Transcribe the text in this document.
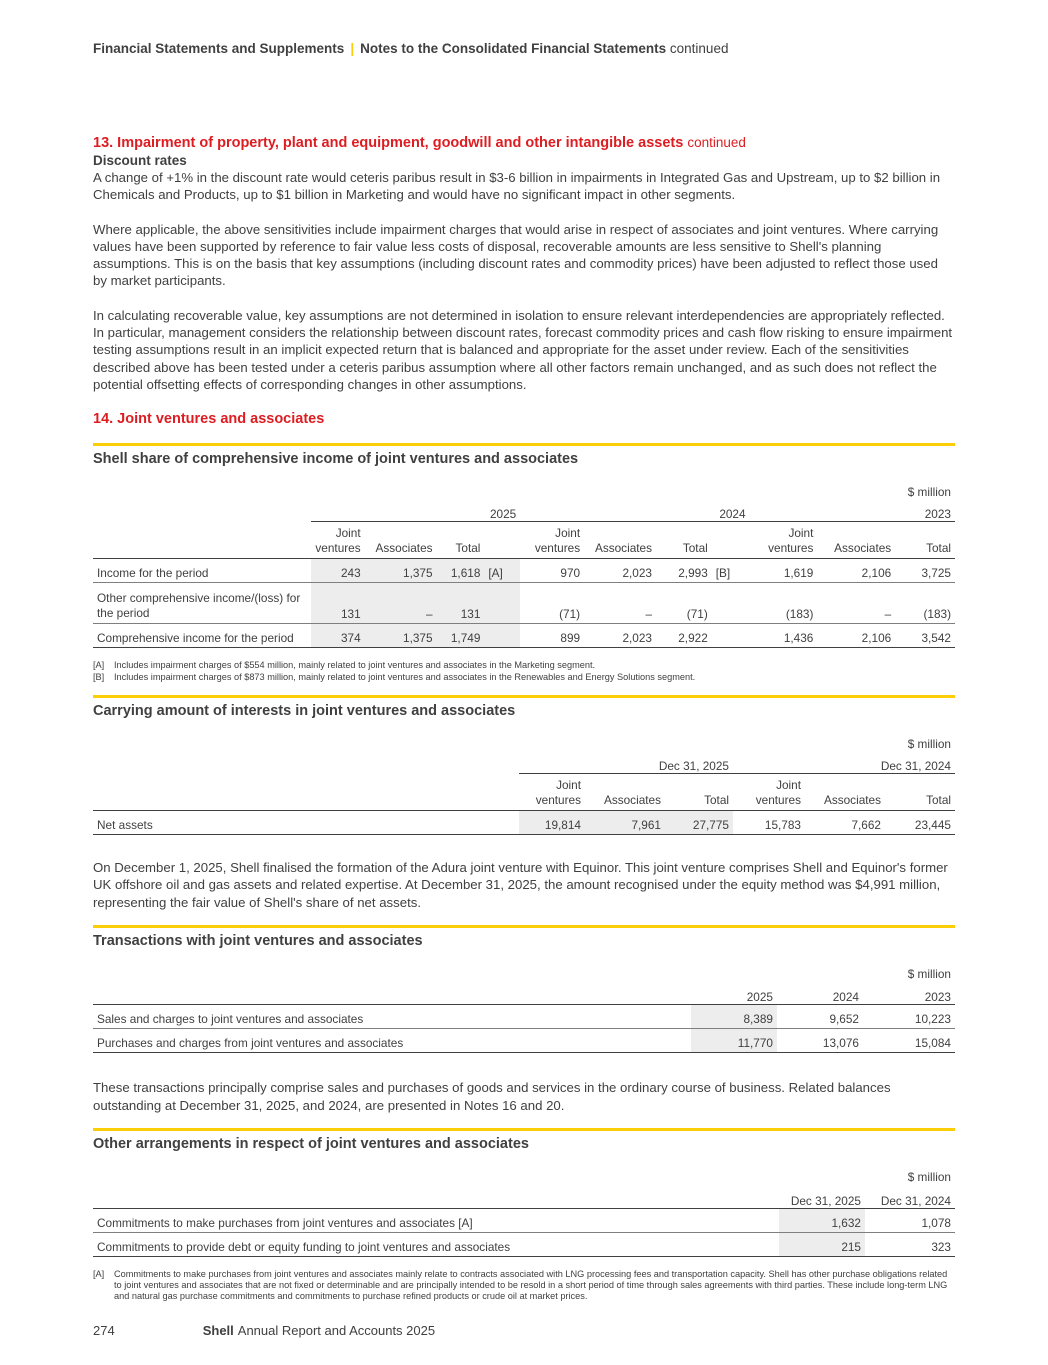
Financial Statements and Supplements | Notes to the Consolidated Financial Statements continued
13. Impairment of property, plant and equipment, goodwill and other intangible assets continued
Discount rates

A change of +1% in the discount rate would ceteris paribus result in $3-6 billion in impairments in Integrated Gas and Upstream, up to $2 billion in Chemicals and Products, up to $1 billion in Marketing and would have no significant impact in other segments.

Where applicable, the above sensitivities include impairment charges that would arise in respect of associates and joint ventures. Where carrying values have been supported by reference to fair value less costs of disposal, recoverable amounts are less sensitive to Shell's planning assumptions. This is on the basis that key assumptions (including discount rates and commodity prices) have been adjusted to reflect those used by market participants.

In calculating recoverable value, key assumptions are not determined in isolation to ensure relevant interdependencies are appropriately reflected. In particular, management considers the relationship between discount rates, forecast commodity prices and cash flow risking to ensure impairment testing assumptions result in an implicit expected return that is balanced and appropriate for the asset under review. Each of the sensitivities described above has been tested under a ceteris paribus assumption where all other factors remain unchanged, and as such does not reflect the potential offsetting effects of corresponding changes in other assumptions.

14. Joint ventures and associates
Shell share of comprehensive income of joint ventures and associates
$ million											
	2025				2024				2023		
	Joint ventures	Associates	Total		Joint ventures	Associates	Total		Joint ventures	Associates	Total
Income for the period	243	1,375	1,618	[A]	970	2,023	2,993	[B]	1,619	2,106	3,725
Other comprehensive income/(loss) for the period	131	–	131		(71)	–	(71)		(183)	–	(183)
Comprehensive income for the period	374	1,375	1,749		899	2,023	2,922		1,436	2,106	3,542
[A]	Includes impairment charges of $554 million, mainly related to joint ventures and associates in the Marketing segment.
[B]	Includes impairment charges of $873 million, mainly related to joint ventures and associates in the Renewables and Energy Solutions segment.
Carrying amount of interests in joint ventures and associates
$ million						
	Dec 31, 2025			Dec 31, 2024		
	Joint ventures	Associates	Total	Joint ventures	Associates	Total
Net assets	19,814	7,961	27,775	15,783	7,662	23,445

On December 1, 2025, Shell finalised the formation of the Adura joint venture with Equinor. This joint venture comprises Shell and Equinor's former UK offshore oil and gas assets and related expertise. At December 31, 2025, the amount recognised under the equity method was $4,991 million, representing the fair value of Shell's share of net assets.

Transactions with joint ventures and associates
$ million			
	2025	2024	2023
Sales and charges to joint ventures and associates	8,389	9,652	10,223
Purchases and charges from joint ventures and associates	11,770	13,076	15,084

These transactions principally comprise sales and purchases of goods and services in the ordinary course of business. Related balances outstanding at December 31, 2025, and 2024, are presented in Notes 16 and 20.

Other arrangements in respect of joint ventures and associates
$ million		
	Dec 31, 2025	Dec 31, 2024
Commitments to make purchases from joint ventures and associates [A]	1,632	1,078
Commitments to provide debt or equity funding to joint ventures and associates	215	323
[A]	Commitments to make purchases from joint ventures and associates mainly relate to contracts associated with LNG processing fees and transportation capacity. Shell has other purchase obligations related to joint ventures and associates that are not fixed or determinable and are principally intended to be resold in a short period of time through sales agreements with third parties. These include long-term LNG and natural gas purchase commitments and commitments to purchase refined products or crude oil at market prices.
274	Shell Annual Report and Accounts 2025
